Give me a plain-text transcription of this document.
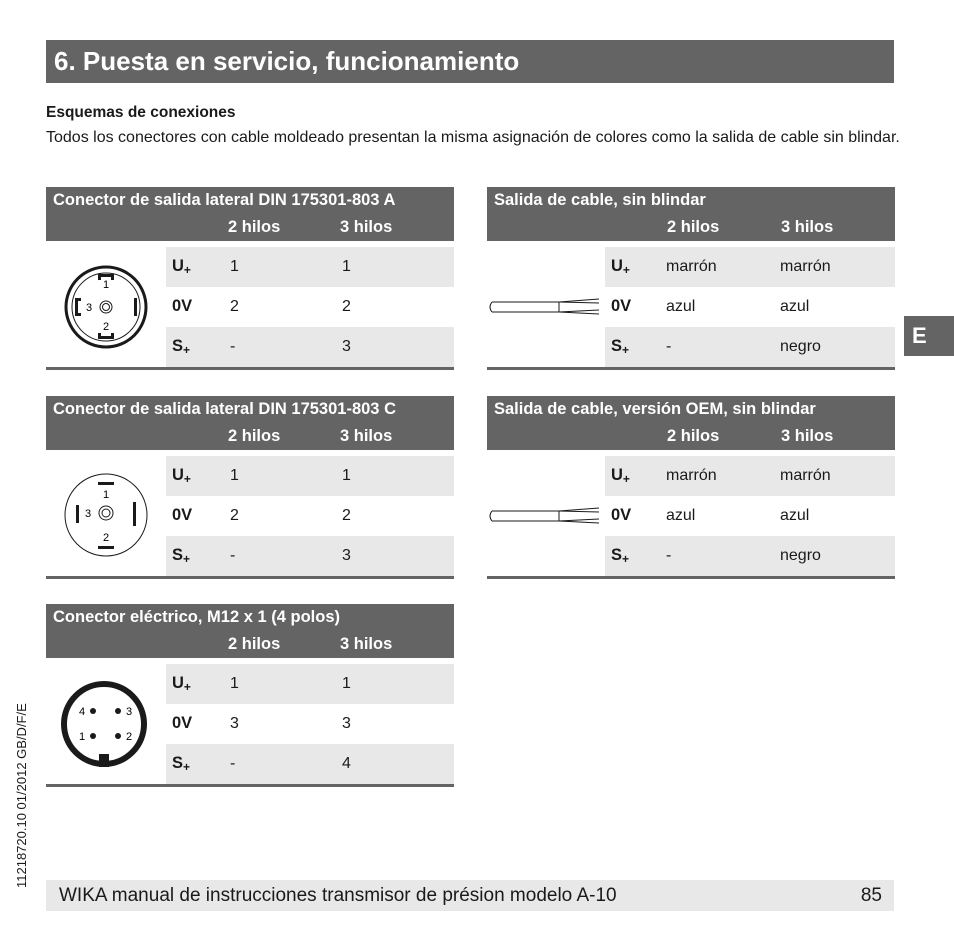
6. Puesta en servicio, funcionamiento
Esquemas de conexiones
Todos los conectores con cable moldeado presentan la misma asignación de colores como la salida de cable sin blindar.
Conector de salida lateral DIN 175301-803 A
2 hilos	3 hilos
1
2
3
$U_+$ 1	1
0V 2	2
$S_+$ -	3
Conector de salida lateral DIN 175301-803 C
2 hilos	3 hilos
1
2
3
$U_+$ 1	1
0V 2	2
$S_+$ -	3
Conector eléctrico, M12 x 1 (4 polos)
2 hilos	3 hilos
4	3
1	2
$U_+$ 1	1
0V 3	3
$S_+$ -	4
Salida de cable, sin blindar
2 hilos	3 hilos
$U_+$ marrón	marrón
0V azul	azul
$S_+$ -	negro
Salida de cable, versión OEM, sin blindar
2 hilos	3 hilos
$U_+$ marrón	marrón
0V azul	azul
$S_+$ -	negro
E
11218720.10 01/2012 GB/D/F/E
WIKA manual de instrucciones transmisor de présion modelo A-10	85
